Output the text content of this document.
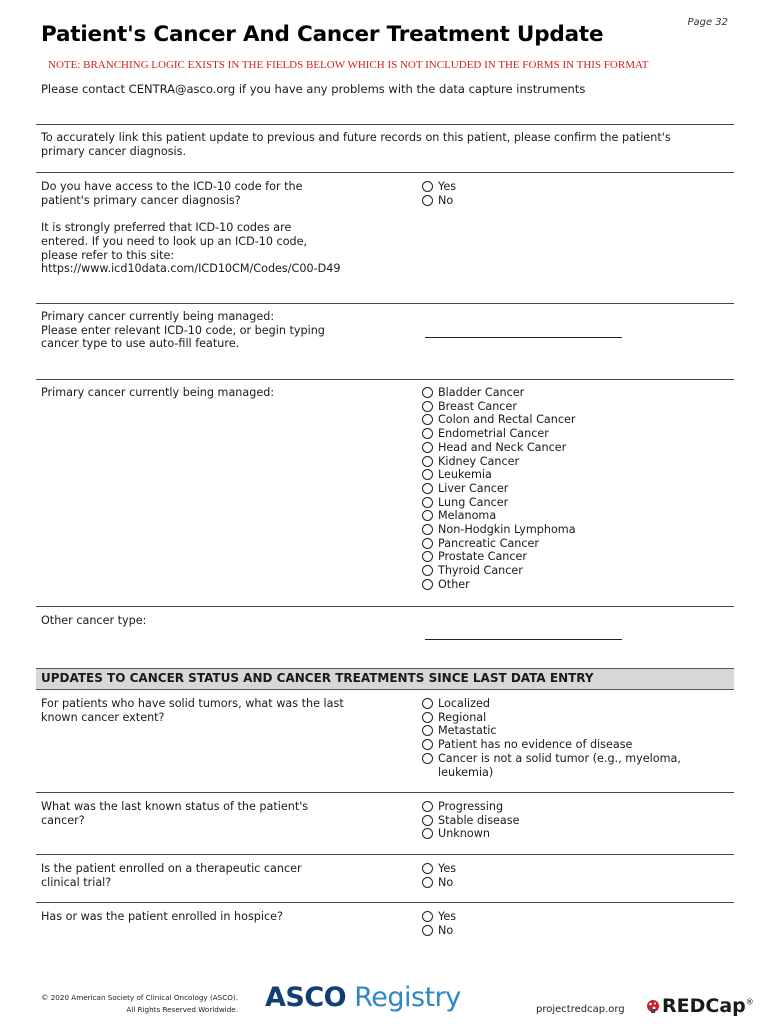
Page 32
Patient's Cancer And Cancer Treatment Update
NOTE: BRANCHING LOGIC EXISTS IN THE FIELDS BELOW WHICH IS NOT INCLUDED IN THE FORMS IN THIS FORMAT
Please contact CENTRA@asco.org if you have any problems with the data capture instruments
To accurately link this patient update to previous and future records on this patient, please confirm the patient's
primary cancer diagnosis.
Do you have access to the ICD-10 code for the
patient's primary cancer diagnosis?

It is strongly preferred that ICD-10 codes are
entered. If you need to look up an ICD-10 code,
please refer to this site:
https://www.icd10data.com/ICD10CM/Codes/C00-D49
Yes
No
Primary cancer currently being managed:
Please enter relevant ICD-10 code, or begin typing
cancer type to use auto-fill feature.
Primary cancer currently being managed:	Bladder Cancer
Breast Cancer
Colon and Rectal Cancer
Endometrial Cancer
Head and Neck Cancer
Kidney Cancer
Leukemia
Liver Cancer
Lung Cancer
Melanoma
Non-Hodgkin Lymphoma
Pancreatic Cancer
Prostate Cancer
Thyroid Cancer
Other
Other cancer type:
UPDATES TO CANCER STATUS AND CANCER TREATMENTS SINCE LAST DATA ENTRY
For patients who have solid tumors, what was the last
known cancer extent?
Localized
Regional
Metastatic
Patient has no evidence of disease
Cancer is not a solid tumor (e.g., myeloma, leukemia)
What was the last known status of the patient's
cancer?
Progressing
Stable disease
Unknown
Is the patient enrolled on a therapeutic cancer
clinical trial?
Yes
No
Has or was the patient enrolled in hospice?	Yes
No
© 2020 American Society of Clinical Oncology (ASCO).
All Rights Reserved Worldwide. ASCO Registry	projectredcap.org	REDCap®
